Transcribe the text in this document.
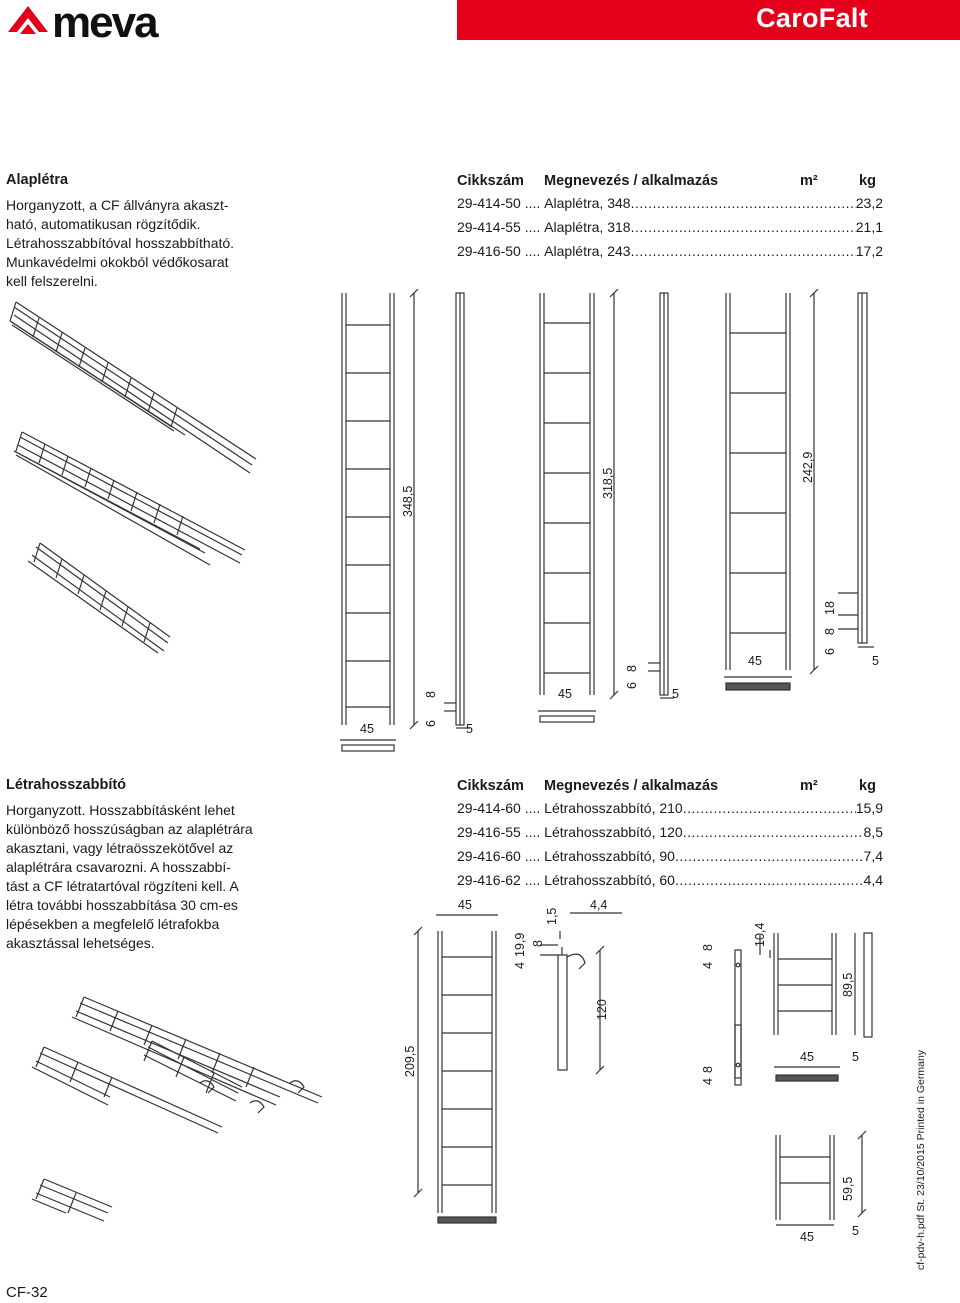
meva	CaroFalt
Alaplétra
Horganyzott, a CF állványra akaszt-
ható, automatikusan rögzítődik.
Létrahosszabbítóval hosszabbítható.
Munkavédelmi okokból védőkosarat
kell felszerelni.
Cikkszám Megnevezés / alkalmazás	m²	kg
29-414-50 .... Alaplétra, 348 .....	23,2
29-414-55 .... Alaplétra, 318 .....	21,1
29-416-50 .... Alaplétra, 243 .....	17,2
45
348,5
6
8
5
45
318,5
6
8
5
45
242,9
6
8
18
5
Létrahosszabbító
Horganyzott. Hosszabbításként lehet
különböző hosszúságban az alaplétrára
akasztani, vagy létraösszekötővel az
alaplétrára csavarozni. A hosszabbí-
tást a CF létratartóval rögzíteni kell. A
létra további hosszabbítása 30 cm-es
lépésekben a megfelelő létrafokba
akasztással lehetséges.
Cikkszám Megnevezés / alkalmazás	m²	kg
29-414-60 .... Létrahosszabbító, 210 .....	15,9
29-416-55 .... Létrahosszabbító, 120 .....	8,5
29-416-60 .... Létrahosszabbító, 90 .....	7,4
29-416-62 .... Létrahosszabbító, 60 .....	4,4
45
209,5
4
19,9 8
1,5
4,4
120
4
8
10,4
4
8
89,5
45	5
59,5
45	5	cf-pdv-h.pdf St. 23/10/2015 Printed in Germany
CF-32
